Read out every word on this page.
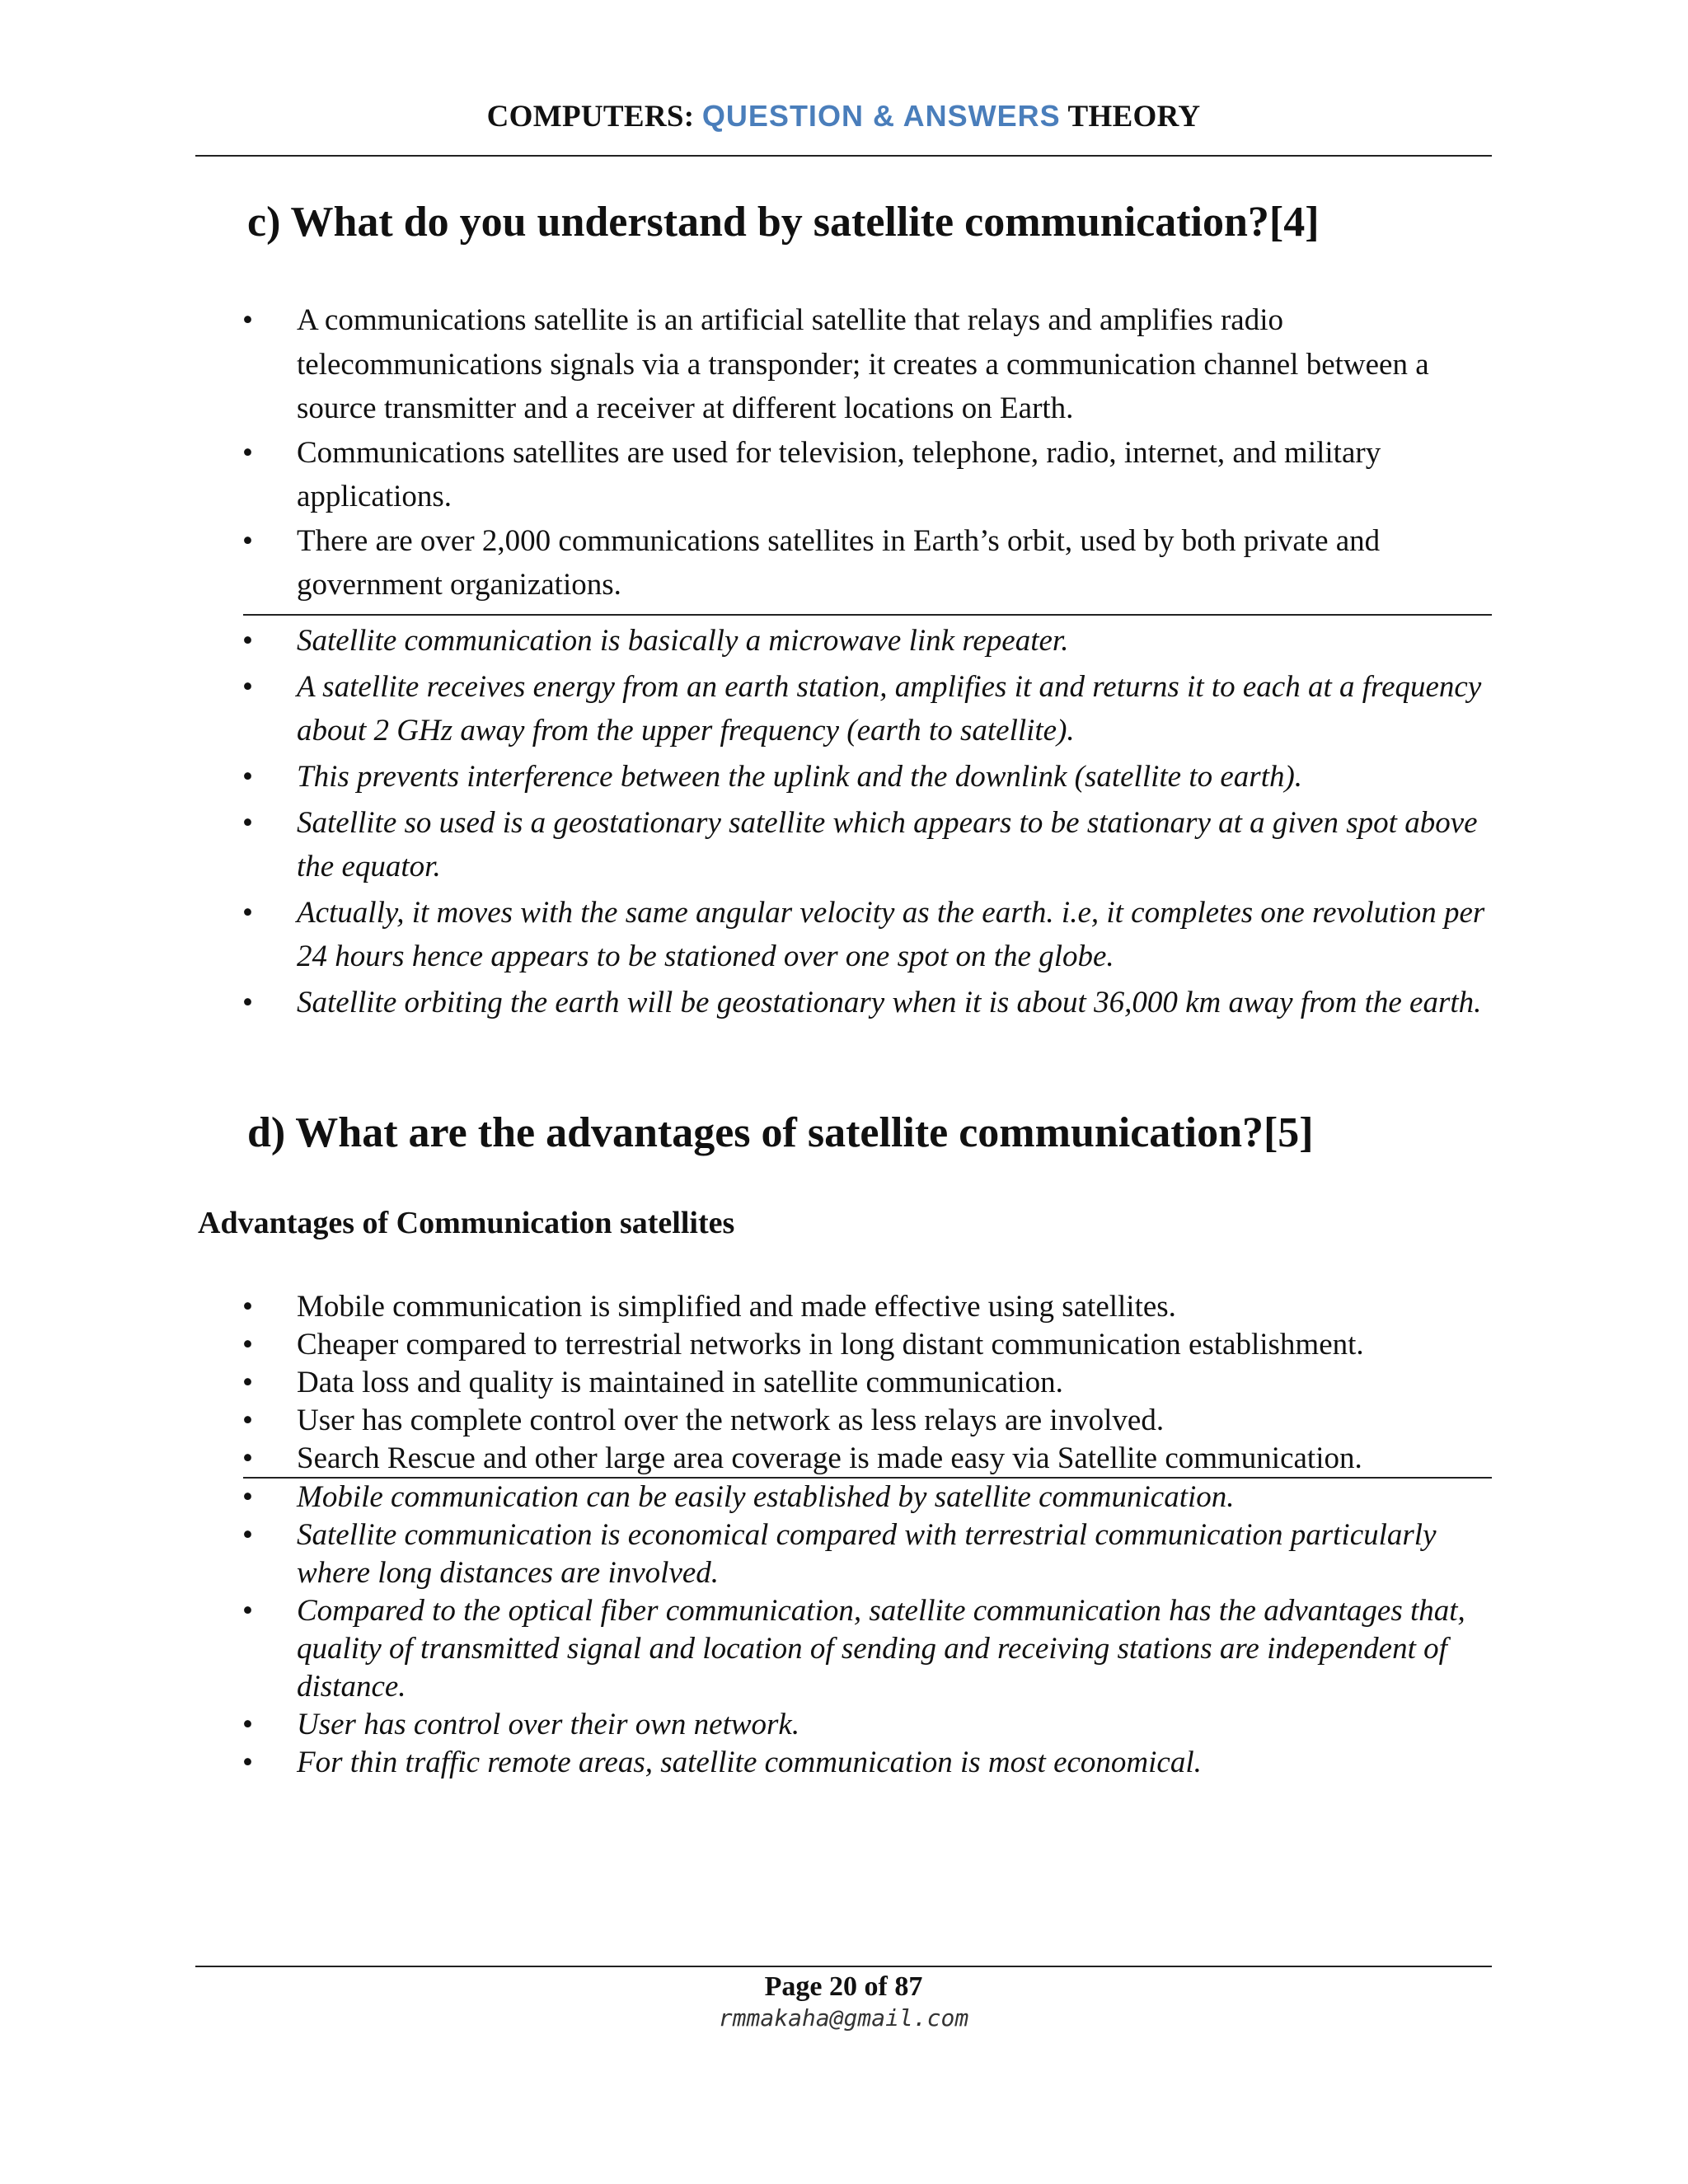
COMPUTERS: QUESTION & ANSWERS THEORY
c) What do you understand by satellite communication?[4]
• A communications satellite is an artificial satellite that relays and amplifies radio telecommunications signals via a transponder; it creates a communication channel between a source transmitter and a receiver at different locations on Earth.
• Communications satellites are used for television, telephone, radio, internet, and military applications.
• There are over 2,000 communications satellites in Earth’s orbit, used by both private and government organizations.
• Satellite communication is basically a microwave link repeater.
• A satellite receives energy from an earth station, amplifies it and returns it to each at a frequency about 2 GHz away from the upper frequency (earth to satellite).
• This prevents interference between the uplink and the downlink (satellite to earth).
• Satellite so used is a geostationary satellite which appears to be stationary at a given spot above the equator.
• Actually, it moves with the same angular velocity as the earth. i.e, it completes one revolution per 24 hours hence appears to be stationed over one spot on the globe.
• Satellite orbiting the earth will be geostationary when it is about 36,000 km away from the earth.
d) What are the advantages of satellite communication?[5]
Advantages of Communication satellites
• Mobile communication is simplified and made effective using satellites.
• Cheaper compared to terrestrial networks in long distant communication establishment.
• Data loss and quality is maintained in satellite communication.
• User has complete control over the network as less relays are involved.
• Search Rescue and other large area coverage is made easy via Satellite communication.
• Mobile communication can be easily established by satellite communication.
• Satellite communication is economical compared with terrestrial communication particularly where long distances are involved.
• Compared to the optical fiber communication, satellite communication has the advantages that, quality of transmitted signal and location of sending and receiving stations are independent of distance.
• User has control over their own network.
• For thin traffic remote areas, satellite communication is most economical.
Page 20 of 87
rmmakaha@gmail.com
